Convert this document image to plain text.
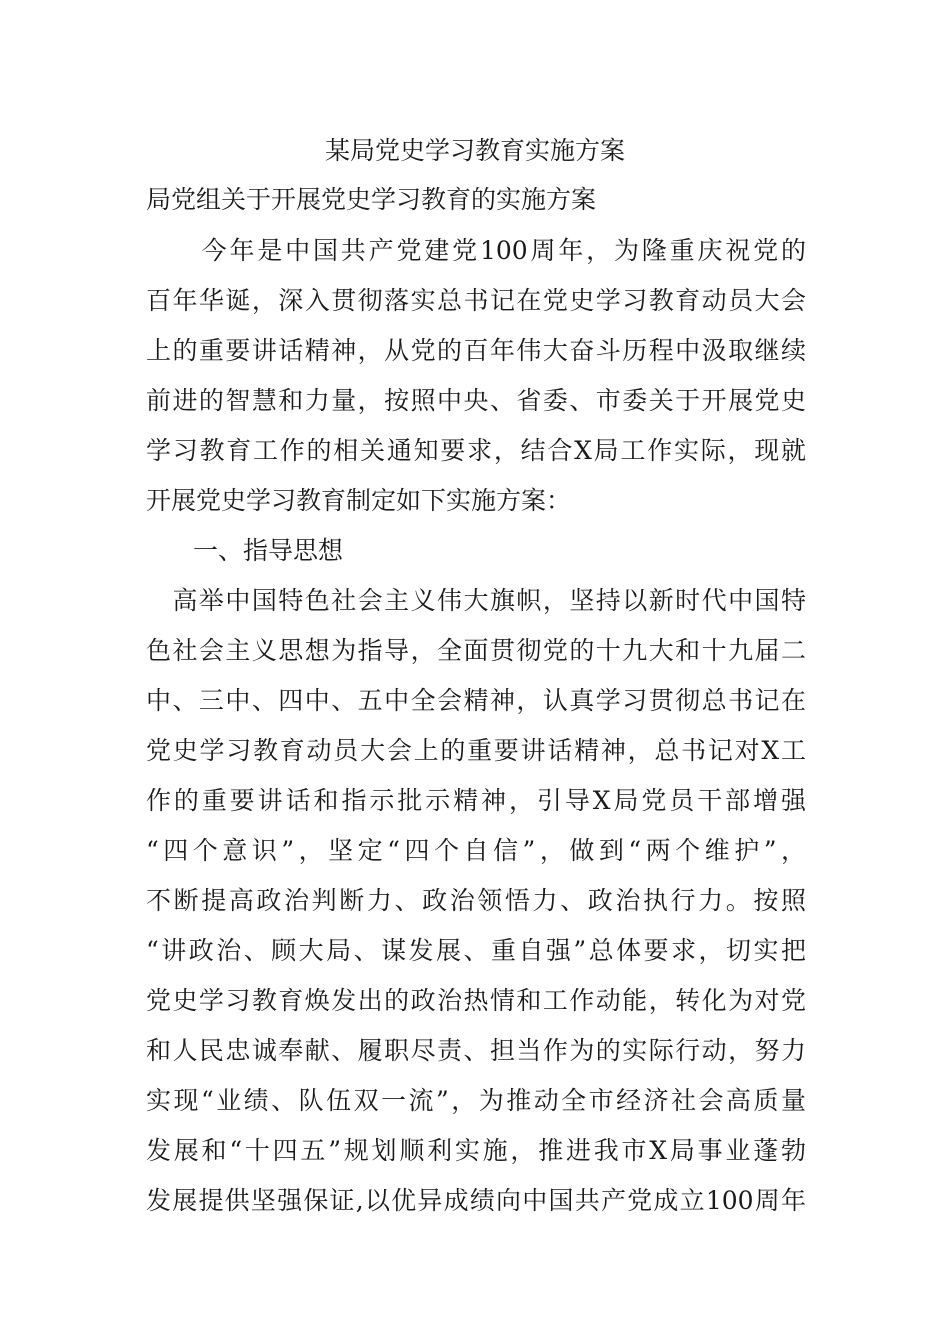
某局党史学习教育实施方案
局党组关于开展党史学习教育的实施方案
　　今年是中国共产党建党100周年，为隆重庆祝党的
百年华诞，深入贯彻落实总书记在党史学习教育动员大会
上的重要讲话精神，从党的百年伟大奋斗历程中汲取继续
前进的智慧和力量，按照中央、省委、市委关于开展党史
学习教育工作的相关通知要求，结合X局工作实际，现就
开展党史学习教育制定如下实施方案：
一、指导思想
　高举中国特色社会主义伟大旗帜，坚持以新时代中国特
色社会主义思想为指导，全面贯彻党的十九大和十九届二
中、三中、四中、五中全会精神，认真学习贯彻总书记在
党史学习教育动员大会上的重要讲话精神，总书记对X工
作的重要讲话和指示批示精神，引导X局党员干部增强
“四个意识”，坚定“四个自信”，做到“两个维护”，
不断提高政治判断力、政治领悟力、政治执行力。按照
“讲政治、顾大局、谋发展、重自强”总体要求，切实把
党史学习教育焕发出的政治热情和工作动能，转化为对党
和人民忠诚奉献、履职尽责、担当作为的实际行动，努力
实现“业绩、队伍双一流”，为推动全市经济社会高质量
发展和“十四五”规划顺利实施，推进我市X局事业蓬勃
发展提供坚强保证,以优异成绩向中国共产党成立100周年
